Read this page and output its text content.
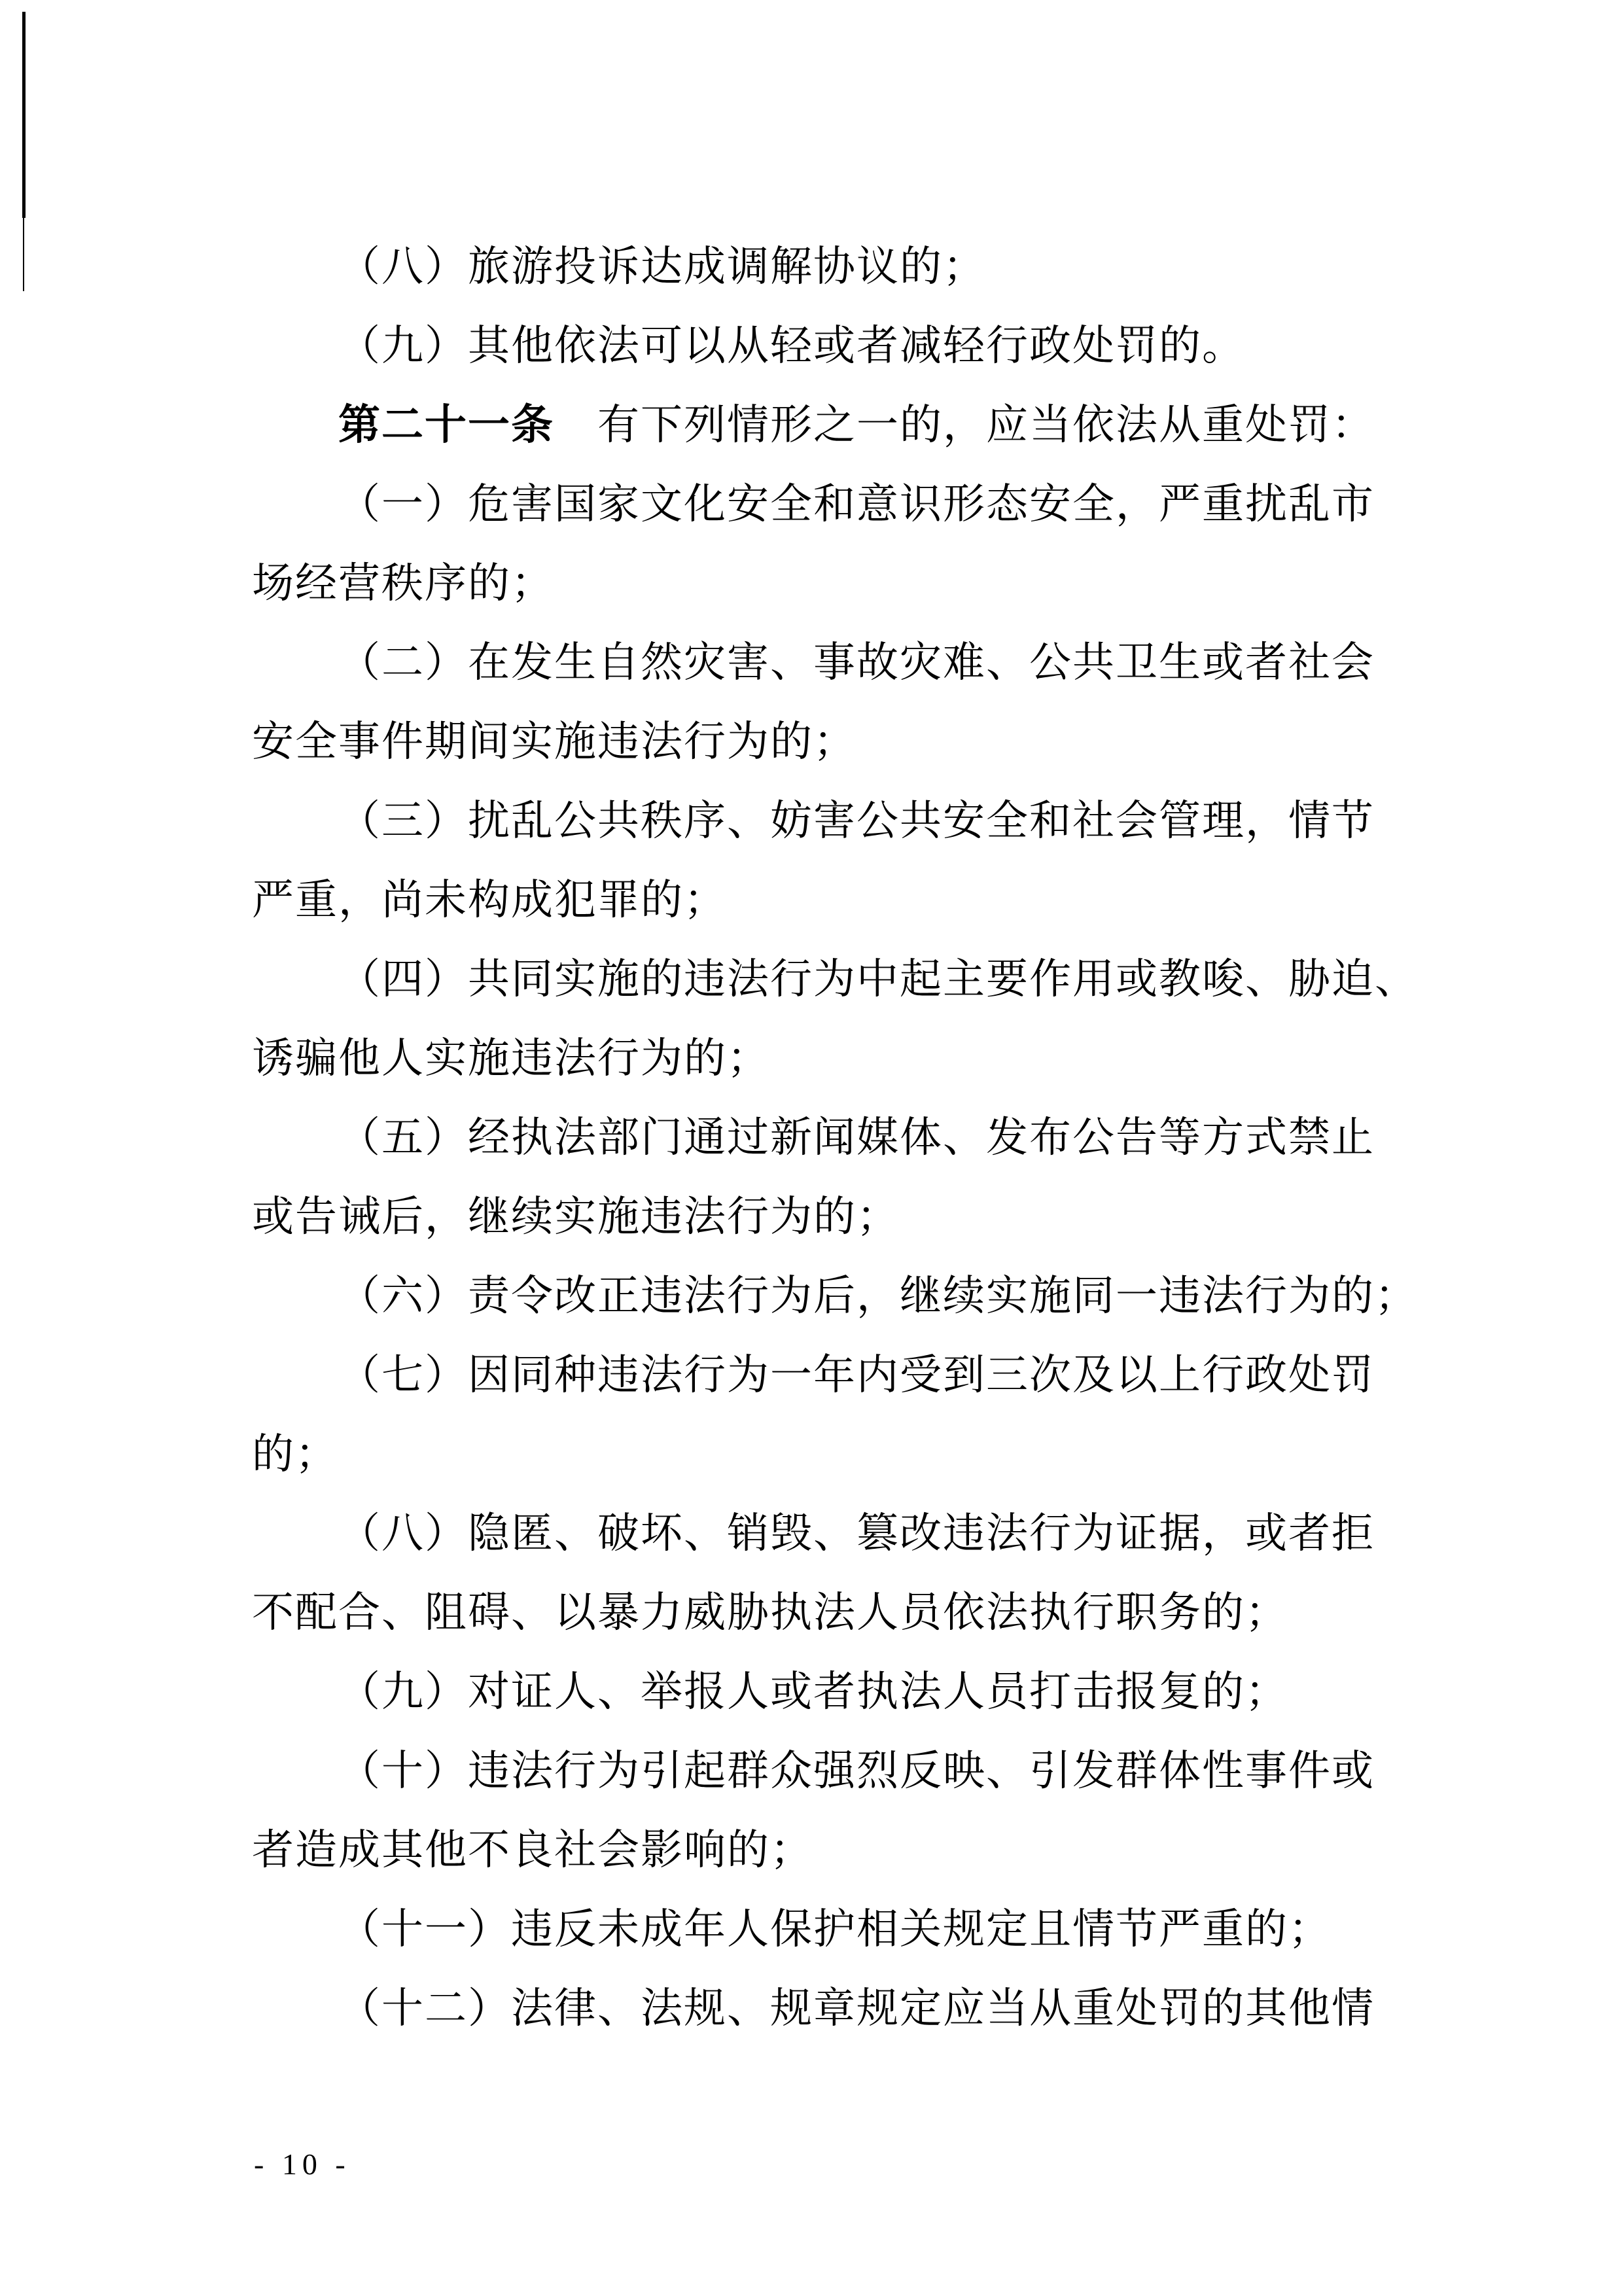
（八）旅游投诉达成调解协议的；
（九）其他依法可以从轻或者减轻行政处罚的。
第二十一条　有下列情形之一的，应当依法从重处罚：
（一）危害国家文化安全和意识形态安全，严重扰乱市
场经营秩序的；
（二）在发生自然灾害、事故灾难、公共卫生或者社会
安全事件期间实施违法行为的；
（三）扰乱公共秩序、妨害公共安全和社会管理，情节
严重，尚未构成犯罪的；
（四）共同实施的违法行为中起主要作用或教唆、胁迫、
诱骗他人实施违法行为的；
（五）经执法部门通过新闻媒体、发布公告等方式禁止
或告诫后，继续实施违法行为的；
（六）责令改正违法行为后，继续实施同一违法行为的；
（七）因同种违法行为一年内受到三次及以上行政处罚
的；
（八）隐匿、破坏、销毁、篡改违法行为证据，或者拒
不配合、阻碍、以暴力威胁执法人员依法执行职务的；
（九）对证人、举报人或者执法人员打击报复的；
（十）违法行为引起群众强烈反映、引发群体性事件或
者造成其他不良社会影响的；
（十一）违反未成年人保护相关规定且情节严重的；
（十二）法律、法规、规章规定应当从重处罚的其他情
- 10 -
